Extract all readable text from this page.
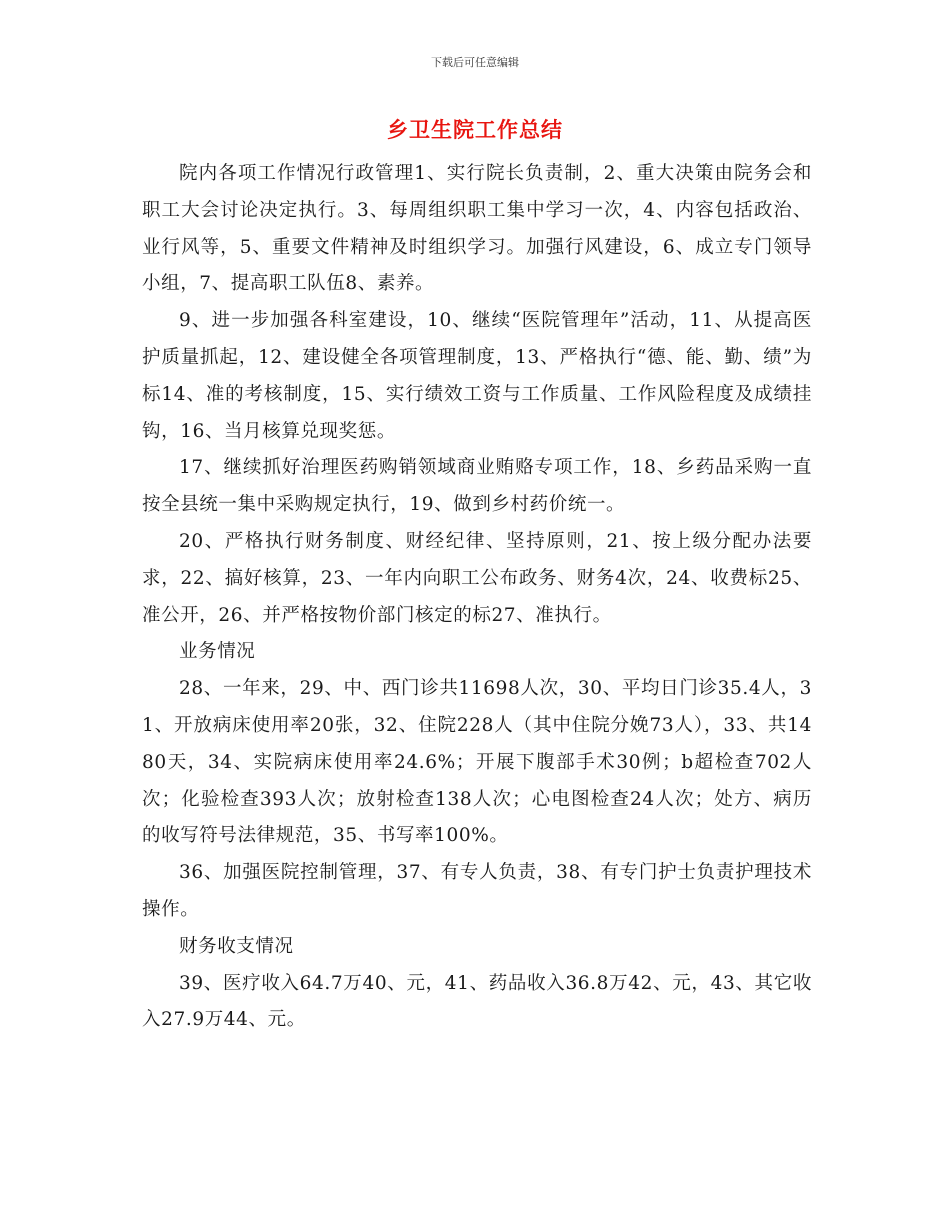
下载后可任意编辑
乡卫生院工作总结

院内各项工作情况行政管理1、实行院长负责制，2、重大决策由院务会和职工大会讨论决定执行。3、每周组织职工集中学习一次，4、内容包括政治、业行风等，5、重要文件精神及时组织学习。加强行风建设，6、成立专门领导小组，7、提高职工队伍8、素养。

9、进一步加强各科室建设，10、继续“医院管理年”活动，11、从提高医护质量抓起，12、建设健全各项管理制度，13、严格执行“德、能、勤、绩”为标14、准的考核制度，15、实行绩效工资与工作质量、工作风险程度及成绩挂钩，16、当月核算兑现奖惩。

17、继续抓好治理医药购销领域商业贿赂专项工作，18、乡药品采购一直按全县统一集中采购规定执行，19、做到乡村药价统一。

20、严格执行财务制度、财经纪律、坚持原则，21、按上级分配办法要求，22、搞好核算，23、一年内向职工公布政务、财务4次，24、收费标25、准公开，26、并严格按物价部门核定的标27、准执行。

业务情况

28、一年来，29、中、西门诊共11698人次，30、平均日门诊35.4人，31、开放病床使用率20张，32、住院228人（其中住院分娩73人），33、共1480天，34、实院病床使用率24.6%；开展下腹部手术30例；b超检查702人次；化验检查393人次；放射检查138人次；心电图检查24人次；处方、病历的收写符号法律规范，35、书写率100%。

36、加强医院控制管理，37、有专人负责，38、有专门护士负责护理技术操作。

财务收支情况

39、医疗收入64.7万40、元，41、药品收入36.8万42、元，43、其它收入27.9万44、元。
